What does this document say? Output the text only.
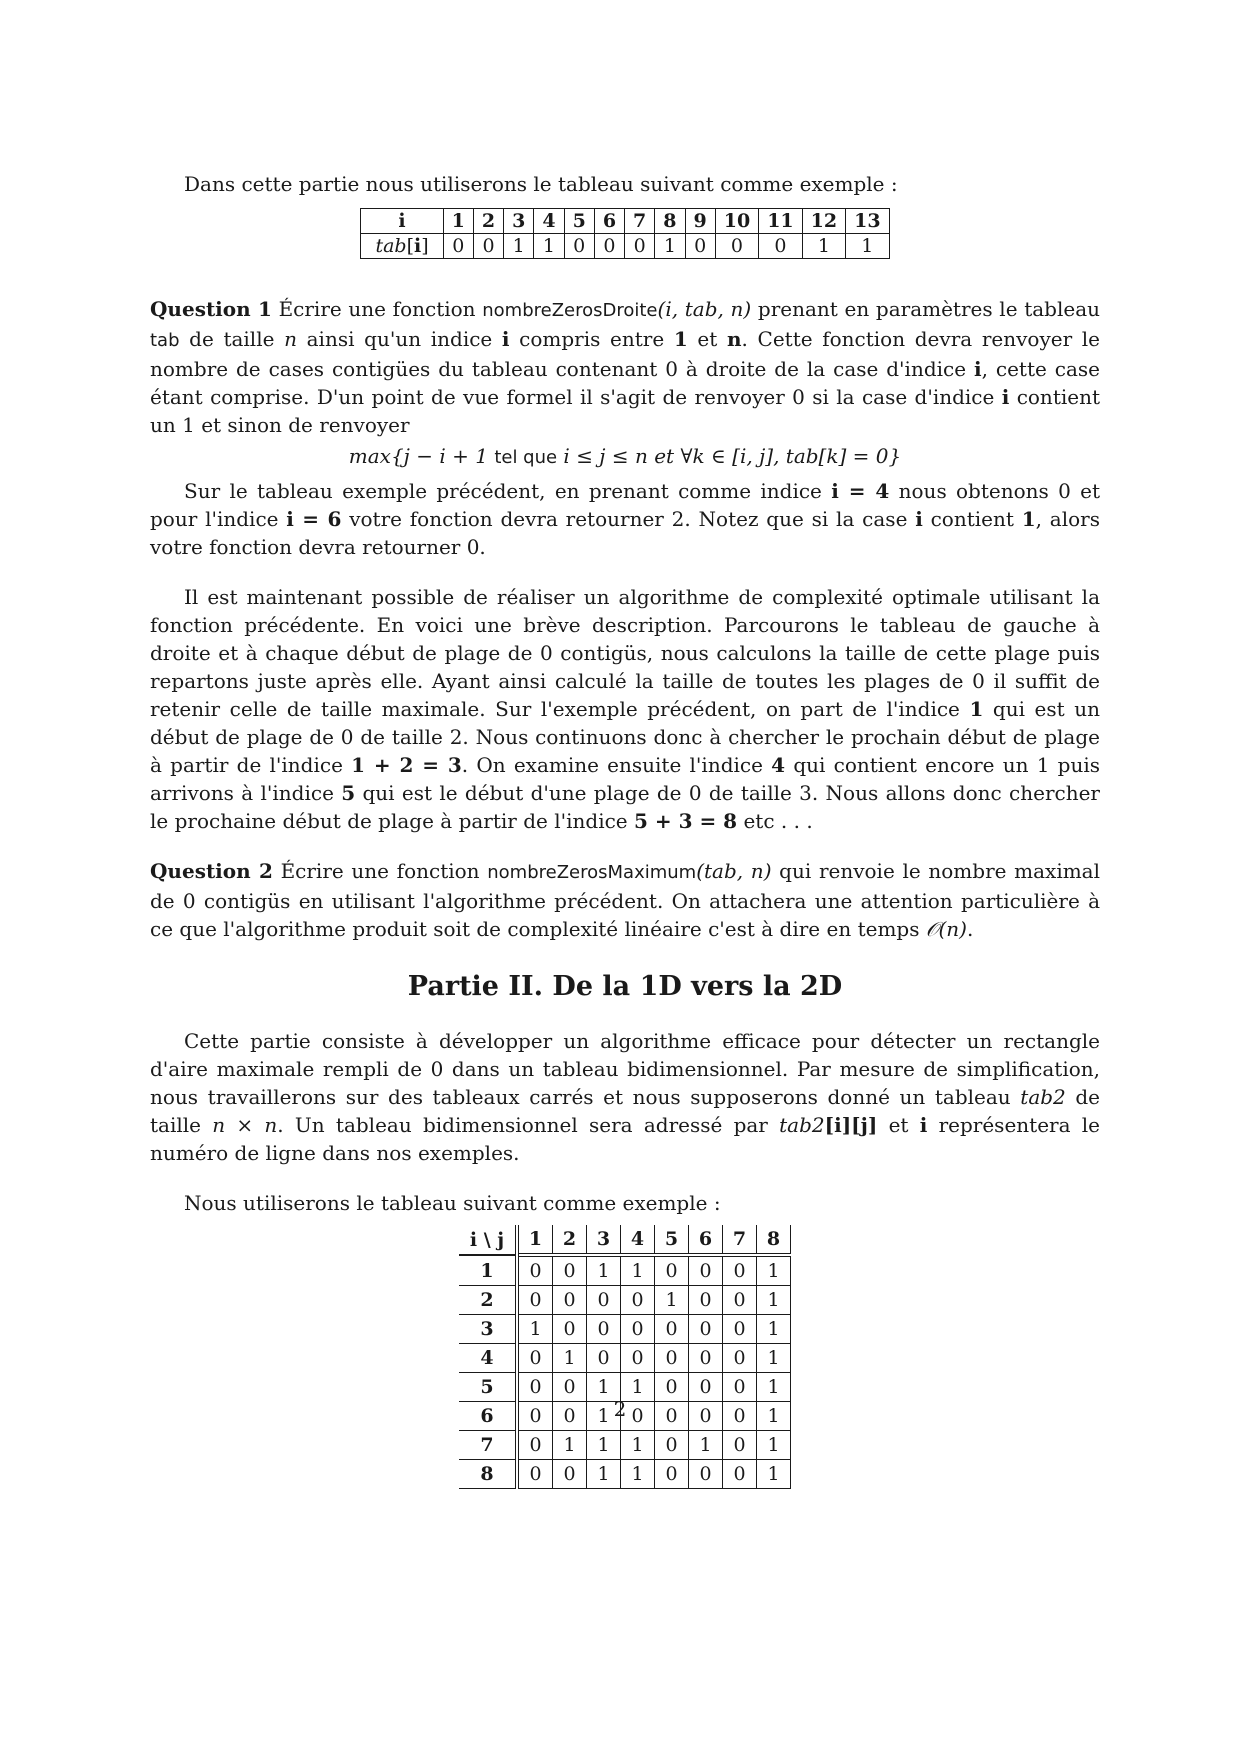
Dans cette partie nous utiliserons le tableau suivant comme exemple :

i	1	2	3	4	5	6	7	8	9	10	11	12	13
tab[i]	0	0	1	1	0	0	0	1	0	0	0	1	1

Question 1 Écrire une fonction nombreZerosDroite(i, tab, n) prenant en paramètres le tableau tab de taille n ainsi qu'un indice i compris entre 1 et n. Cette fonction devra renvoyer le nombre de cases contigües du tableau contenant 0 à droite de la case d'indice i, cette case étant comprise. D'un point de vue formel il s'agit de renvoyer 0 si la case d'indice i contient un 1 et sinon de renvoyer

max{j − i + 1 tel que i ≤ j ≤ n et ∀k ∈ [i, j], tab[k] = 0}

Sur le tableau exemple précédent, en prenant comme indice i = 4 nous obtenons 0 et pour l'indice i = 6 votre fonction devra retourner 2. Notez que si la case i contient 1, alors votre fonction devra retourner 0.

Il est maintenant possible de réaliser un algorithme de complexité optimale utilisant la fonction précédente. En voici une brève description. Parcourons le tableau de gauche à droite et à chaque début de plage de 0 contigüs, nous calculons la taille de cette plage puis repartons juste après elle. Ayant ainsi calculé la taille de toutes les plages de 0 il suffit de retenir celle de taille maximale. Sur l'exemple précédent, on part de l'indice 1 qui est un début de plage de 0 de taille 2. Nous continuons donc à chercher le prochain début de plage à partir de l'indice 1 + 2 = 3. On examine ensuite l'indice 4 qui contient encore un 1 puis arrivons à l'indice 5 qui est le début d'une plage de 0 de taille 3. Nous allons donc chercher le prochaine début de plage à partir de l'indice 5 + 3 = 8 etc . . .

Question 2 Écrire une fonction nombreZerosMaximum(tab, n) qui renvoie le nombre maximal de 0 contigüs en utilisant l'algorithme précédent. On attachera une attention particulière à ce que l'algorithme produit soit de complexité linéaire c'est à dire en temps 𝒪(n).

Partie II. De la 1D vers la 2D

Cette partie consiste à développer un algorithme efficace pour détecter un rectangle d'aire maximale rempli de 0 dans un tableau bidimensionnel. Par mesure de simplification, nous travaillerons sur des tableaux carrés et nous supposerons donné un tableau tab2 de taille n × n. Un tableau bidimensionnel sera adressé par tab2[i][j] et i représentera le numéro de ligne dans nos exemples.

Nous utiliserons le tableau suivant comme exemple :

i \ j	1	2	3	4	5	6	7	8
1	0	0	1	1	0	0	0	1
2	0	0	0	0	1	0	0	1
3	1	0	0	0	0	0	0	1
4	0	1	0	0	0	0	0	1
5	0	0	1	1	0	0	0	1
6	0	0	1	0	0	0	0	1
7	0	1	1	1	0	1	0	1
8	0	0	1	1	0	0	0	1
2
